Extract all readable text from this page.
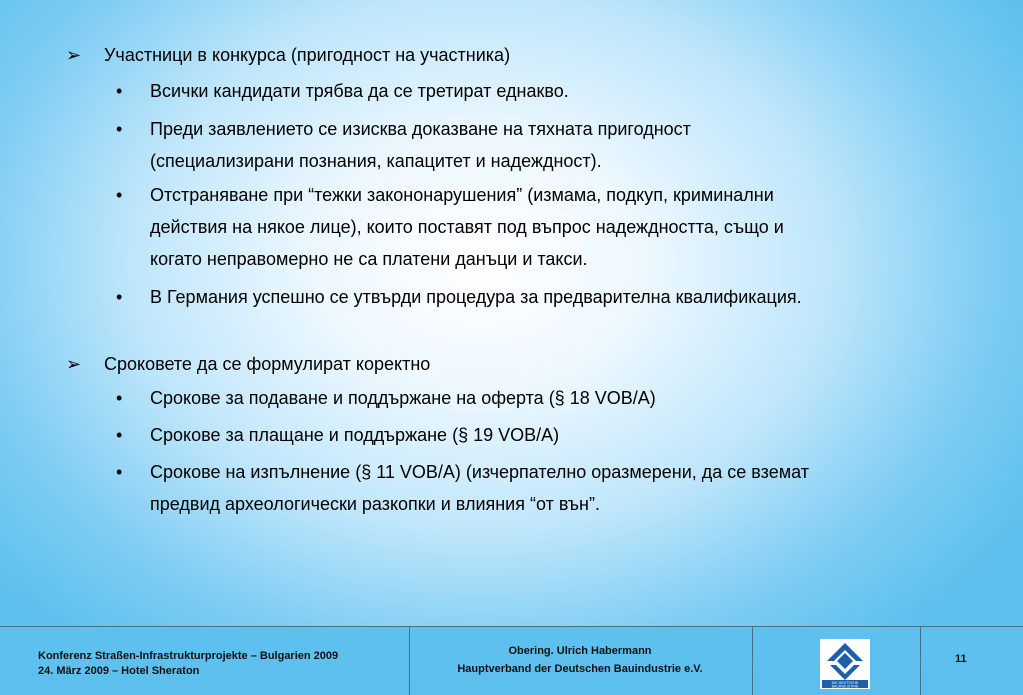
➢ Участници в конкурса (пригодност на участника)
• Всички кандидати трябва да се третират еднакво.
• Преди заявлението се изисква доказване на тяхната пригодност
(специализирани познания, капацитет и надеждност).
• Отстраняване при “тежки закононарушения” (измама, подкуп, криминални
действия на някое лице), които поставят под въпрос надеждността, също и
когато неправомерно не са платени данъци и такси.
• В Германия успешно се утвърди процедура за предварителна квалификация.
➢ Сроковете да се формулират коректно
• Срокове за подаване и поддържане на оферта (§ 18 VOB/A)
• Срокове за плащане и поддържане (§ 19 VOB/A)
• Срокове на изпълнение (§ 11 VOB/A) (изчерпателно оразмерени, да се вземат
предвид археологически разкопки и влияния “от вън”.
Konferenz Straßen-Infrastrukturprojekte – Bulgarien 2009
24. März 2009 – Hotel Sheraton
Obering. Ulrich Habermann
Hauptverband der Deutschen Bauindustrie e.V.
DIE DEUTSCHE
BAUINDUSTRIE
11
